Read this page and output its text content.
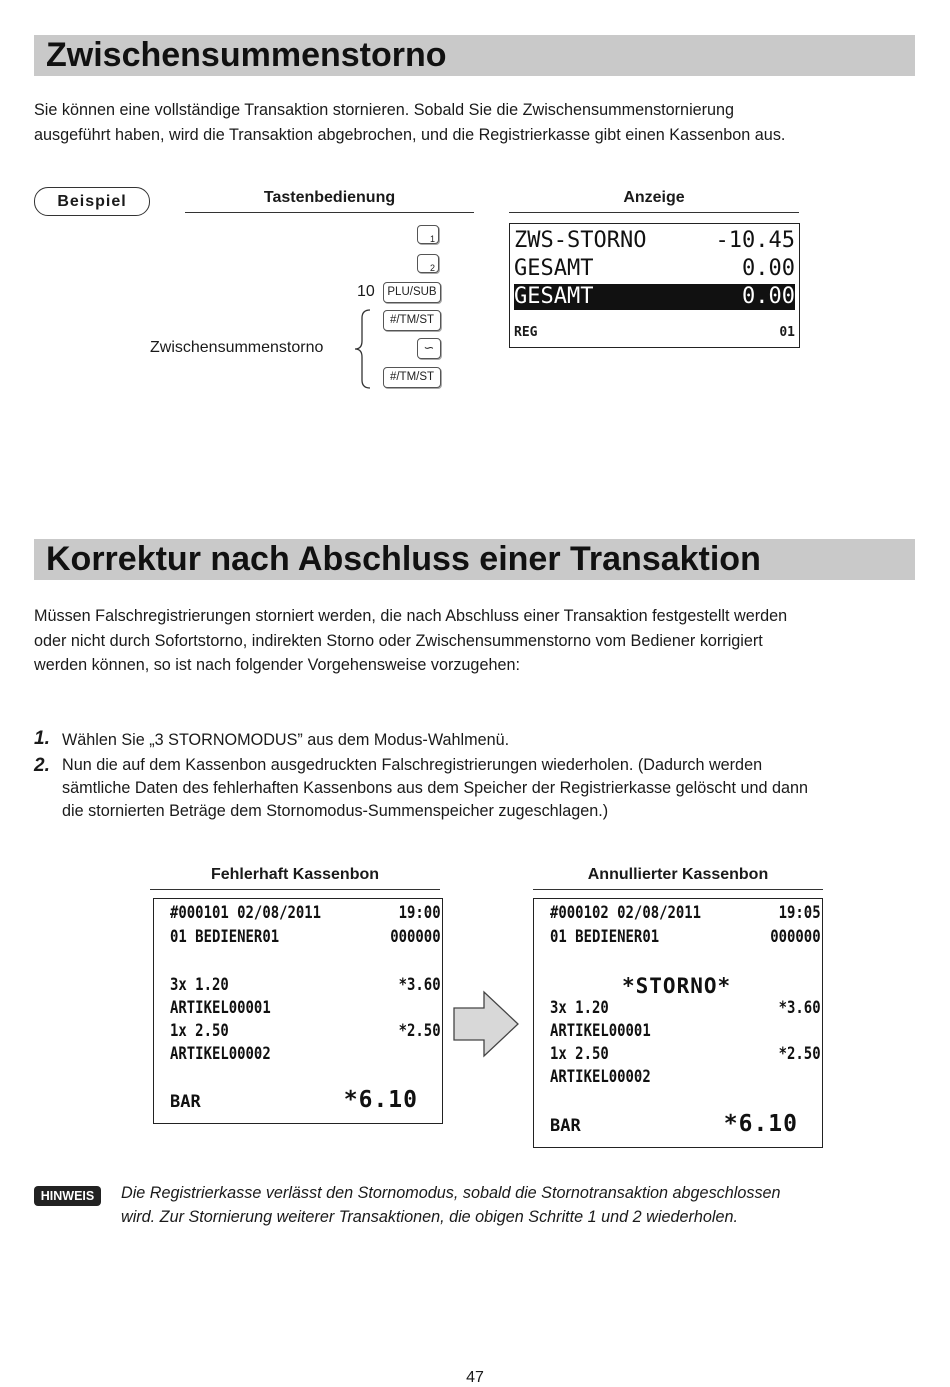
Zwischensummenstorno
Sie können eine vollständige Transaktion stornieren. Sobald Sie die Zwischensummenstornierung
ausgeführt haben, wird die Transaktion abgebrochen, und die Registrierkasse gibt einen Kassenbon aus.
Beispiel	Tastenbedienung	Anzeige
1
2
10	PLU/SUB
#/TM/ST
∽
#/TM/ST
Zwischensummenstorno
ZWS-STORNO	-10.45
GESAMT	0.00
GESAMT	0.00
REG	01
Korrektur nach Abschluss einer Transaktion
Müssen Falschregistrierungen storniert werden, die nach Abschluss einer Transaktion festgestellt werden
oder nicht durch Sofortstorno, indirekten Storno oder Zwischensummenstorno vom Bediener korrigiert
werden können, so ist nach folgender Vorgehensweise vorzugehen:
1. Wählen Sie „3 STORNOMODUS” aus dem Modus-Wahlmenü.
2. Nun die auf dem Kassenbon ausgedruckten Falschregistrierungen wiederholen. (Dadurch werden
sämtliche Daten des fehlerhaften Kassenbons aus dem Speicher der Registrierkasse gelöscht und dann
die stornierten Beträge dem Stornomodus-Summenspeicher zugeschlagen.)
Fehlerhaft Kassenbon	Annullierter Kassenbon
#000101 02/08/2011	19:00
01 BEDIENER01	000000
3x 1.20	*3.60
ARTIKEL00001
1x 2.50	*2.50
ARTIKEL00002
BAR	*6.10
#000102 02/08/2011	19:05
01 BEDIENER01	000000
*STORNO*
3x 1.20	*3.60
ARTIKEL00001
1x 2.50	*2.50
ARTIKEL00002
BAR	*6.10
HINWEIS	Die Registrierkasse verlässt den Stornomodus, sobald die Stornotransaktion abgeschlossen
wird. Zur Stornierung weiterer Transaktionen, die obigen Schritte 1 und 2 wiederholen.
47
